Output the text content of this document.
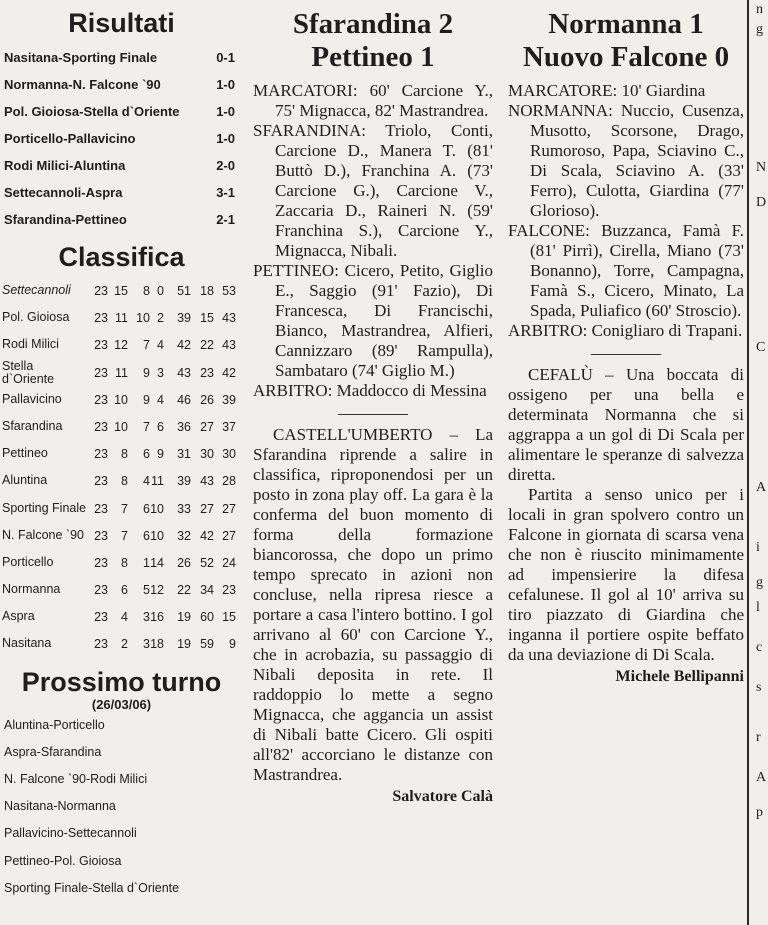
Risultati
Nasitana-Sporting Finale	0-1
Normanna-N. Falcone `90	1-0
Pol. Gioiosa-Stella d`Oriente	1-0
Porticello-Pallavicino	1-0
Rodi Milici-Aluntina	2-0
Settecannoli-Aspra	3-1
Sfarandina-Pettineo	2-1
Classifica
Settecannoli	23 15	8 0	51 18 53
Pol. Gioiosa	23 11 10 2	39 15 43
Rodi Milici	23 12	7 4	42 22 43
Stella d`Oriente	23 11	9 3	43 23 42
Pallavicino	23 10	9 4	46 26 39
Sfarandina	23 10	7 6	36 27 37
Pettineo	23	8	6 9	31 30 30
Aluntina	23	8	4 11	39 43 28
Sporting Finale 23	7	6 10	33 27 27
N. Falcone `90 23	7	6 10	32 42 27
Porticello	23	8	1 14	26 52 24
Normanna	23	6	5 12	22 34 23
Aspra	23	4	3 16	19 60 15
Nasitana	23	2	3 18	19 59	9
Prossimo turno
(26/03/06)
Aluntina-Porticello
Aspra-Sfarandina
N. Falcone `90-Rodi Milici
Nasitana-Normanna
Pallavicino-Settecannoli
Pettineo-Pol. Gioiosa
Sporting Finale-Stella d`Oriente
Sfarandina 2
Pettineo 1

MARCATORI: 60' Carcione Y., 75' Mignacca, 82' Mastrandrea.

SFARANDINA: Triolo, Conti, Carcione D., Manera T. (81' Buttò D.), Franchina A. (73' Carcione G.), Carcione V., Zaccaria D., Raineri N. (59' Franchina S.), Carcione Y., Mignacca, Nibali.

PETTINEO: Cicero, Petito, Giglio E., Saggio (91' Fazio), Di Francesca, Di Francischi, Bianco, Mastrandrea, Alfieri, Cannizzaro (89' Rampulla), Sambataro (74' Giglio M.)

ARBITRO: Maddocco di Messina

CASTELL'UMBERTO – La Sfarandina riprende a salire in classifica, riproponendosi per un posto in zona play off. La gara è la conferma del buon momento di forma della formazione biancorossa, che dopo un primo tempo sprecato in azioni non concluse, nella ripresa riesce a portare a casa l'intero bottino. I gol arrivano al 60' con Carcione Y., che in acrobazia, su passaggio di Nibali deposita in rete. Il raddoppio lo mette a segno Mignacca, che aggancia un assist di Nibali batte Cicero. Gli ospiti all'82' accorciano le distanze con Mastrandrea.

Salvatore Calà
Normanna 1
Nuovo Falcone 0

MARCATORE: 10' Giardina

NORMANNA: Nuccio, Cusenza, Musotto, Scorsone, Drago, Rumoroso, Papa, Sciavino C., Di Scala, Sciavino A. (33' Ferro), Culotta, Giardina (77' Glorioso).

FALCONE: Buzzanca, Famà F. (81' Pirrì), Cirella, Miano (73' Bonanno), Torre, Campagna, Famà S., Cicero, Minato, La Spada, Puliafico (60' Stroscio).

ARBITRO: Conigliaro di Trapani.

CEFALÙ – Una boccata di ossigeno per una bella e determinata Normanna che si aggrappa a un gol di Di Scala per alimentare le speranze di salvezza diretta.

Partita a senso unico per i locali in gran spolvero contro un Falcone in giornata di scarsa vena che non è riuscito minimamente ad impensierire la difesa cefalunese. Il gol al 10' arriva su tiro piazzato di Giardina che inganna il portiere ospite beffato da una deviazione di Di Scala.

Michele Bellipanni
n
g
N
D
C
A
i
g
l
c
s
r
A
p
